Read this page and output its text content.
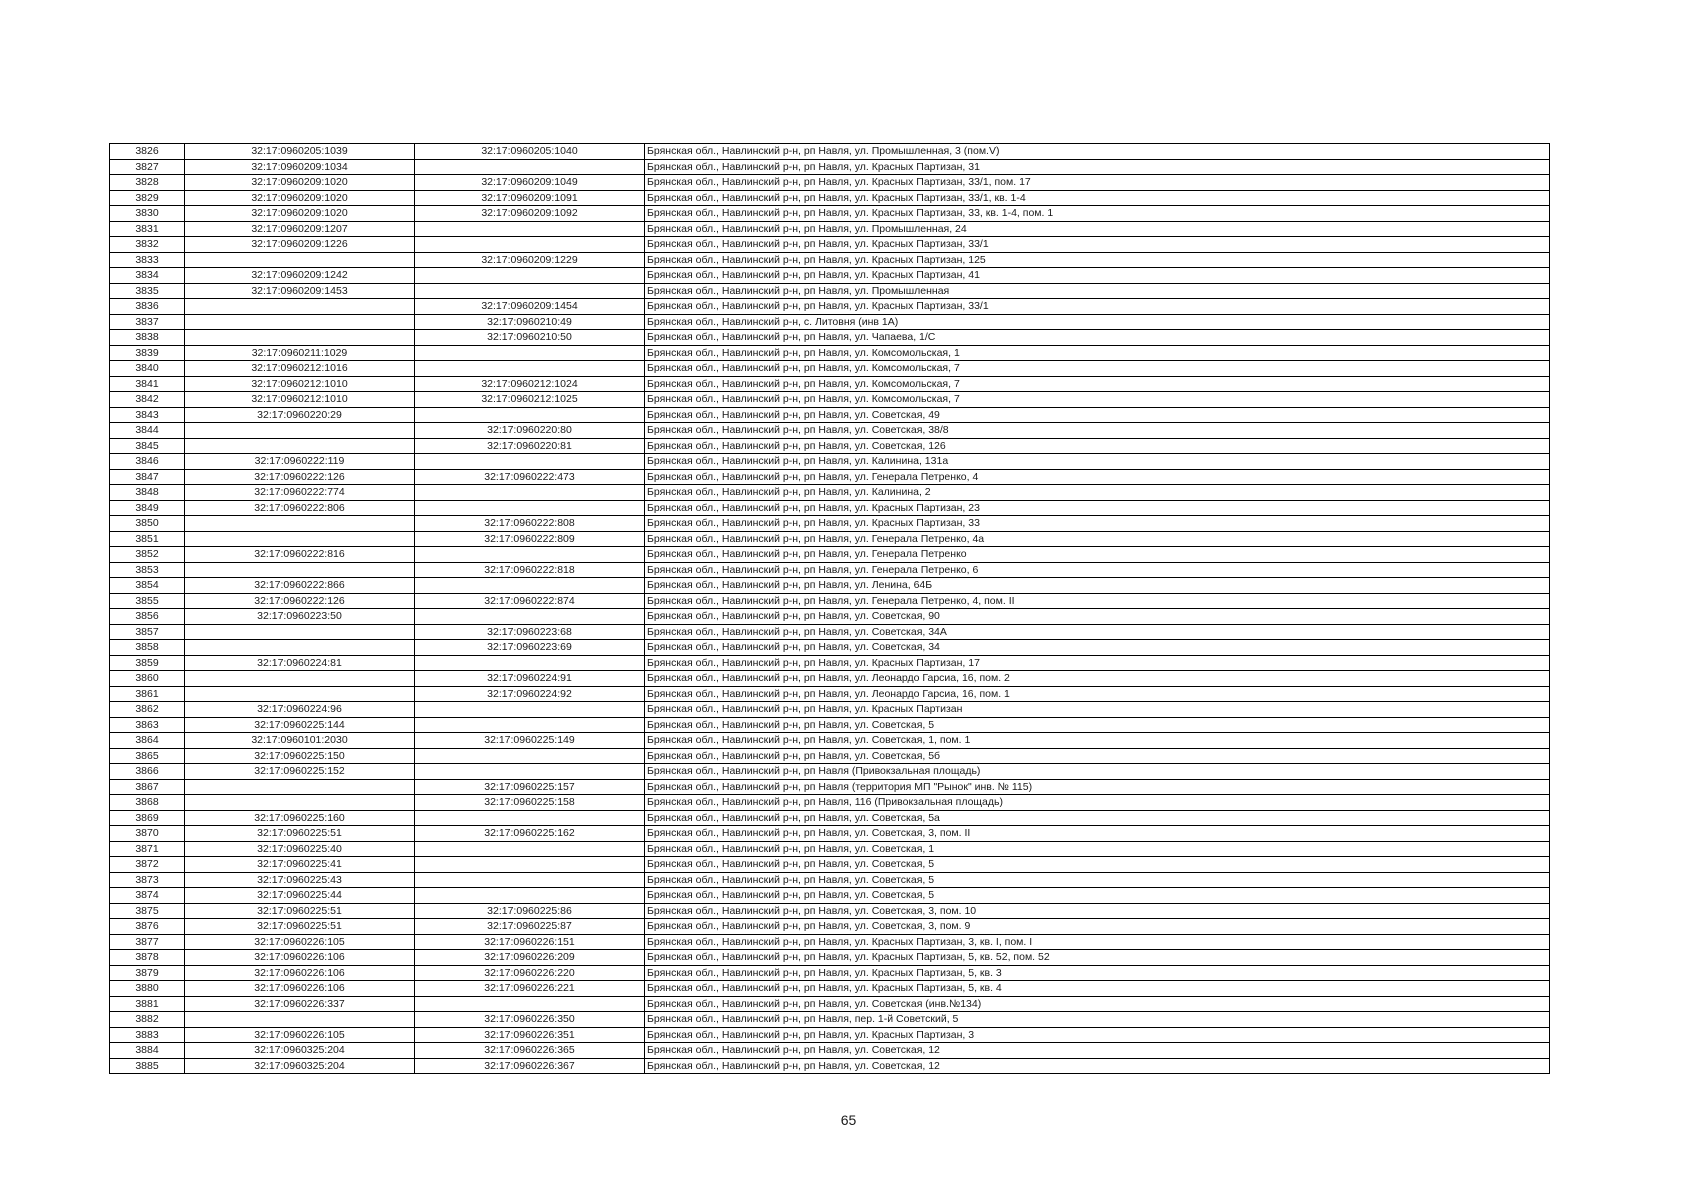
3826	32:17:0960205:1039	32:17:0960205:1040	Брянская обл., Навлинский р-н, рп Навля, ул. Промышленная, 3 (пом.V)
3827	32:17:0960209:1034		Брянская обл., Навлинский р-н, рп Навля, ул. Красных Партизан, 31
3828	32:17:0960209:1020	32:17:0960209:1049	Брянская обл., Навлинский р-н, рп Навля, ул. Красных Партизан, 33/1, пом. 17
3829	32:17:0960209:1020	32:17:0960209:1091	Брянская обл., Навлинский р-н, рп Навля, ул. Красных Партизан, 33/1, кв. 1-4
3830	32:17:0960209:1020	32:17:0960209:1092	Брянская обл., Навлинский р-н, рп Навля, ул. Красных Партизан, 33, кв. 1-4, пом. 1
3831	32:17:0960209:1207		Брянская обл., Навлинский р-н, рп Навля, ул. Промышленная, 24
3832	32:17:0960209:1226		Брянская обл., Навлинский р-н, рп Навля, ул. Красных Партизан, 33/1
3833		32:17:0960209:1229	Брянская обл., Навлинский р-н, рп Навля, ул. Красных Партизан, 125
3834	32:17:0960209:1242		Брянская обл., Навлинский р-н, рп Навля, ул. Красных Партизан, 41
3835	32:17:0960209:1453		Брянская обл., Навлинский р-н, рп Навля, ул. Промышленная
3836		32:17:0960209:1454	Брянская обл., Навлинский р-н, рп Навля, ул. Красных Партизан, 33/1
3837		32:17:0960210:49	Брянская обл., Навлинский р-н, с. Литовня (инв 1А)
3838		32:17:0960210:50	Брянская обл., Навлинский р-н, рп Навля, ул. Чапаева, 1/С
3839	32:17:0960211:1029		Брянская обл., Навлинский р-н, рп Навля, ул. Комсомольская, 1
3840	32:17:0960212:1016		Брянская обл., Навлинский р-н, рп Навля, ул. Комсомольская, 7
3841	32:17:0960212:1010	32:17:0960212:1024	Брянская обл., Навлинский р-н, рп Навля, ул. Комсомольская, 7
3842	32:17:0960212:1010	32:17:0960212:1025	Брянская обл., Навлинский р-н, рп Навля, ул. Комсомольская, 7
3843	32:17:0960220:29		Брянская обл., Навлинский р-н, рп Навля, ул. Советская, 49
3844		32:17:0960220:80	Брянская обл., Навлинский р-н, рп Навля, ул. Советская, 38/8
3845		32:17:0960220:81	Брянская обл., Навлинский р-н, рп Навля, ул. Советская, 126
3846	32:17:0960222:119		Брянская обл., Навлинский р-н, рп Навля, ул. Калинина, 131а
3847	32:17:0960222:126	32:17:0960222:473	Брянская обл., Навлинский р-н, рп Навля, ул. Генерала Петренко, 4
3848	32:17:0960222:774		Брянская обл., Навлинский р-н, рп Навля, ул. Калинина, 2
3849	32:17:0960222:806		Брянская обл., Навлинский р-н, рп Навля, ул. Красных Партизан, 23
3850		32:17:0960222:808	Брянская обл., Навлинский р-н, рп Навля, ул. Красных Партизан, 33
3851		32:17:0960222:809	Брянская обл., Навлинский р-н, рп Навля, ул. Генерала Петренко, 4а
3852	32:17:0960222:816		Брянская обл., Навлинский р-н, рп Навля, ул. Генерала Петренко
3853		32:17:0960222:818	Брянская обл., Навлинский р-н, рп Навля, ул. Генерала Петренко, 6
3854	32:17:0960222:866		Брянская обл., Навлинский р-н, рп Навля, ул. Ленина, 64Б
3855	32:17:0960222:126	32:17:0960222:874	Брянская обл., Навлинский р-н, рп Навля, ул. Генерала Петренко, 4, пом. II
3856	32:17:0960223:50		Брянская обл., Навлинский р-н, рп Навля, ул. Советская, 90
3857		32:17:0960223:68	Брянская обл., Навлинский р-н, рп Навля, ул. Советская, 34А
3858		32:17:0960223:69	Брянская обл., Навлинский р-н, рп Навля, ул. Советская, 34
3859	32:17:0960224:81		Брянская обл., Навлинский р-н, рп Навля, ул. Красных Партизан, 17
3860		32:17:0960224:91	Брянская обл., Навлинский р-н, рп Навля, ул. Леонардо Гарсиа, 16, пом. 2
3861		32:17:0960224:92	Брянская обл., Навлинский р-н, рп Навля, ул. Леонардо Гарсиа, 16, пом. 1
3862	32:17:0960224:96		Брянская обл., Навлинский р-н, рп Навля, ул. Красных Партизан
3863	32:17:0960225:144		Брянская обл., Навлинский р-н, рп Навля, ул. Советская, 5
3864	32:17:0960101:2030	32:17:0960225:149	Брянская обл., Навлинский р-н, рп Навля, ул. Советская, 1, пом. 1
3865	32:17:0960225:150		Брянская обл., Навлинский р-н, рп Навля, ул. Советская, 5б
3866	32:17:0960225:152		Брянская обл., Навлинский р-н, рп Навля (Привокзальная площадь)
3867		32:17:0960225:157	Брянская обл., Навлинский р-н, рп Навля (территория МП "Рынок" инв. № 115)
3868		32:17:0960225:158	Брянская обл., Навлинский р-н, рп Навля, 116 (Привокзальная площадь)
3869	32:17:0960225:160		Брянская обл., Навлинский р-н, рп Навля, ул. Советская, 5а
3870	32:17:0960225:51	32:17:0960225:162	Брянская обл., Навлинский р-н, рп Навля, ул. Советская, 3, пом. II
3871	32:17:0960225:40		Брянская обл., Навлинский р-н, рп Навля, ул. Советская, 1
3872	32:17:0960225:41		Брянская обл., Навлинский р-н, рп Навля, ул. Советская, 5
3873	32:17:0960225:43		Брянская обл., Навлинский р-н, рп Навля, ул. Советская, 5
3874	32:17:0960225:44		Брянская обл., Навлинский р-н, рп Навля, ул. Советская, 5
3875	32:17:0960225:51	32:17:0960225:86	Брянская обл., Навлинский р-н, рп Навля, ул. Советская, 3, пом. 10
3876	32:17:0960225:51	32:17:0960225:87	Брянская обл., Навлинский р-н, рп Навля, ул. Советская, 3, пом. 9
3877	32:17:0960226:105	32:17:0960226:151	Брянская обл., Навлинский р-н, рп Навля, ул. Красных Партизан, 3, кв. I, пом. I
3878	32:17:0960226:106	32:17:0960226:209	Брянская обл., Навлинский р-н, рп Навля, ул. Красных Партизан, 5, кв. 52, пом. 52
3879	32:17:0960226:106	32:17:0960226:220	Брянская обл., Навлинский р-н, рп Навля, ул. Красных Партизан, 5, кв. 3
3880	32:17:0960226:106	32:17:0960226:221	Брянская обл., Навлинский р-н, рп Навля, ул. Красных Партизан, 5, кв. 4
3881	32:17:0960226:337		Брянская обл., Навлинский р-н, рп Навля, ул. Советская (инв.№134)
3882		32:17:0960226:350	Брянская обл., Навлинский р-н, рп Навля, пер. 1-й Советский, 5
3883	32:17:0960226:105	32:17:0960226:351	Брянская обл., Навлинский р-н, рп Навля, ул. Красных Партизан, 3
3884	32:17:0960325:204	32:17:0960226:365	Брянская обл., Навлинский р-н, рп Навля, ул. Советская, 12
3885	32:17:0960325:204	32:17:0960226:367	Брянская обл., Навлинский р-н, рп Навля, ул. Советская, 12
65
